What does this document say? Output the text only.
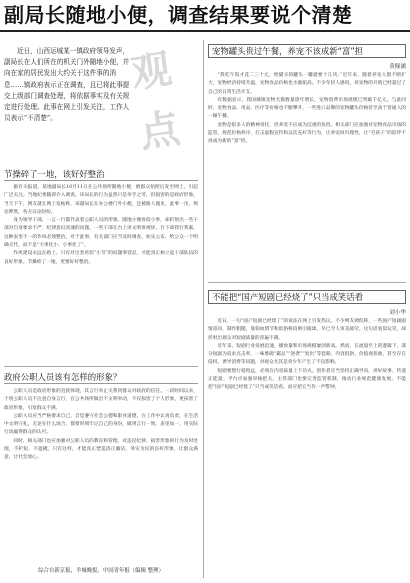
副局长随地小便，调查结果要说个清楚
近日，山西运城某一镇政府领导发声，副局长在人们所在的机关门外随地小便，并向在家的居民发出大约关于这件事的消息……镇政府表示正在调查，且已将此事提交上级部门调查处理，将依据事实及有关规定进行处理。此事在网上引发关注，工作人员表示“不清楚”。
观点
节操碎了一地，该好好整治

据有关报道，某地副局长10月11日在公共场所随地小便，被群众拍照后发至网上，引起广泛关注。当地纪委随即介入调查。该局长的行为虽然只是举手之劳，但损害的是政府形象。当天下午，网友就在网上发帖称，该副局长在办公楼门外小便，还被路人撞见。此事一出，舆论哗然，各方议论纷纷。

身为领导干部，一言一行都代表着公职人员的形象。随地小便看似小事，却折射出一些干部对自身要求不严、纪律意识淡薄的问题。一些干部在台上讲文明讲规矩，台下却我行我素，这种表里不一的作风必须整治。对于此事，有关部门应当及时调查、如实公布，给公众一个明确交代，而不是“大事化小、小事化了”。

作风建设永远在路上。只有对这类看似“小节”的问题零容忍，才能真正树立起干部队伍的良好形象。节操碎了一地，更要好好整治。

政府公职人员该有怎样的形象？

公职人员是政府形象的直接体现，其言行举止关系到群众对政府的信任。一段时间以来，个别公职人员不注意自身言行，在公共场所做出不文明举动，不仅损害了个人形象，更抹黑了政府形象，引发群众不满。

公职人员应当严格要求自己，自觉遵守社会公德和职业道德，在工作中认真负责，在生活中文明守礼。无论在什么场合，都要时刻牢记自己的身份，做到言行一致、表里如一，用实际行动赢得群众的认可。

同时，相关部门也应加强对公职人员的教育和管理，对违反纪律、损害形象的行为及时处理，不护短、不遮掩。只有这样，才能真正塑造清正廉洁、务实为民的良好形象，让群众满意、让社会放心。

综合自新京报、羊城晚报、中国青年报（编辑 整理）
宠物罐头贵过午餐，养宠不该成新“富”担
黄佩涵

“我吃午饭才花二三十元，给猫买的罐头一罐就要十几块。”近年来，随着养宠人群不断扩大，宠物经济持续升温，宠物食品价格也水涨船高。不少年轻人感叹，养宠物的开销已经超过了自己的日常生活开支。

有数据显示，我国城镇宠物犬猫数量逐年增长，宠物消费市场规模已突破千亿元。与此同时，宠物食品、用品、医疗等价格也不断攀升，一些进口品牌的宠物罐头价格甚至高于普通人的一顿午餐。

宠物是很多人的精神寄托，但养宠不应成为沉重的负担。相关部门应加强对宠物食品市场的监管，规范价格秩序，打击虚假宣传和以次充好等行为，让养宠回归理性，让“毛孩子”的陪伴不再成为新的“富”担。

不能把“国产短剧已经烧了”只当成笑话看
刘小华

近日，一句“国产短剧已经烧了”的说法在网上引发热议。不少网友调侃称，一些国产短剧剧情雷同、制作粗糙，靠狗血情节和低俗桥段吸引眼球，早已令人审美疲劳。这句话看似玩笑，却折射出观众对短剧质量的普遍不满。

近年来，短剧行业发展迅速，播放量和市场规模屡创新高。然而，在流量至上的逻辑下，部分短剧为追求点击率，一味堆砌“霸总”“逆袭”“复仇”等套路，内容低俗、价值观扭曲，甚至存在侵权、诱导消费等问题，对观众尤其是青少年产生了不良影响。

短剧要想行稳致远，必须在内容质量上下功夫。创作者应当坚持正确导向，讲好故事、传递正能量；平台应加强审核把关，主管部门也要完善监管机制，推动行业规范健康发展。不能把“国产短剧已经烧了”只当成笑话看，而应把它当作一声警钟。
